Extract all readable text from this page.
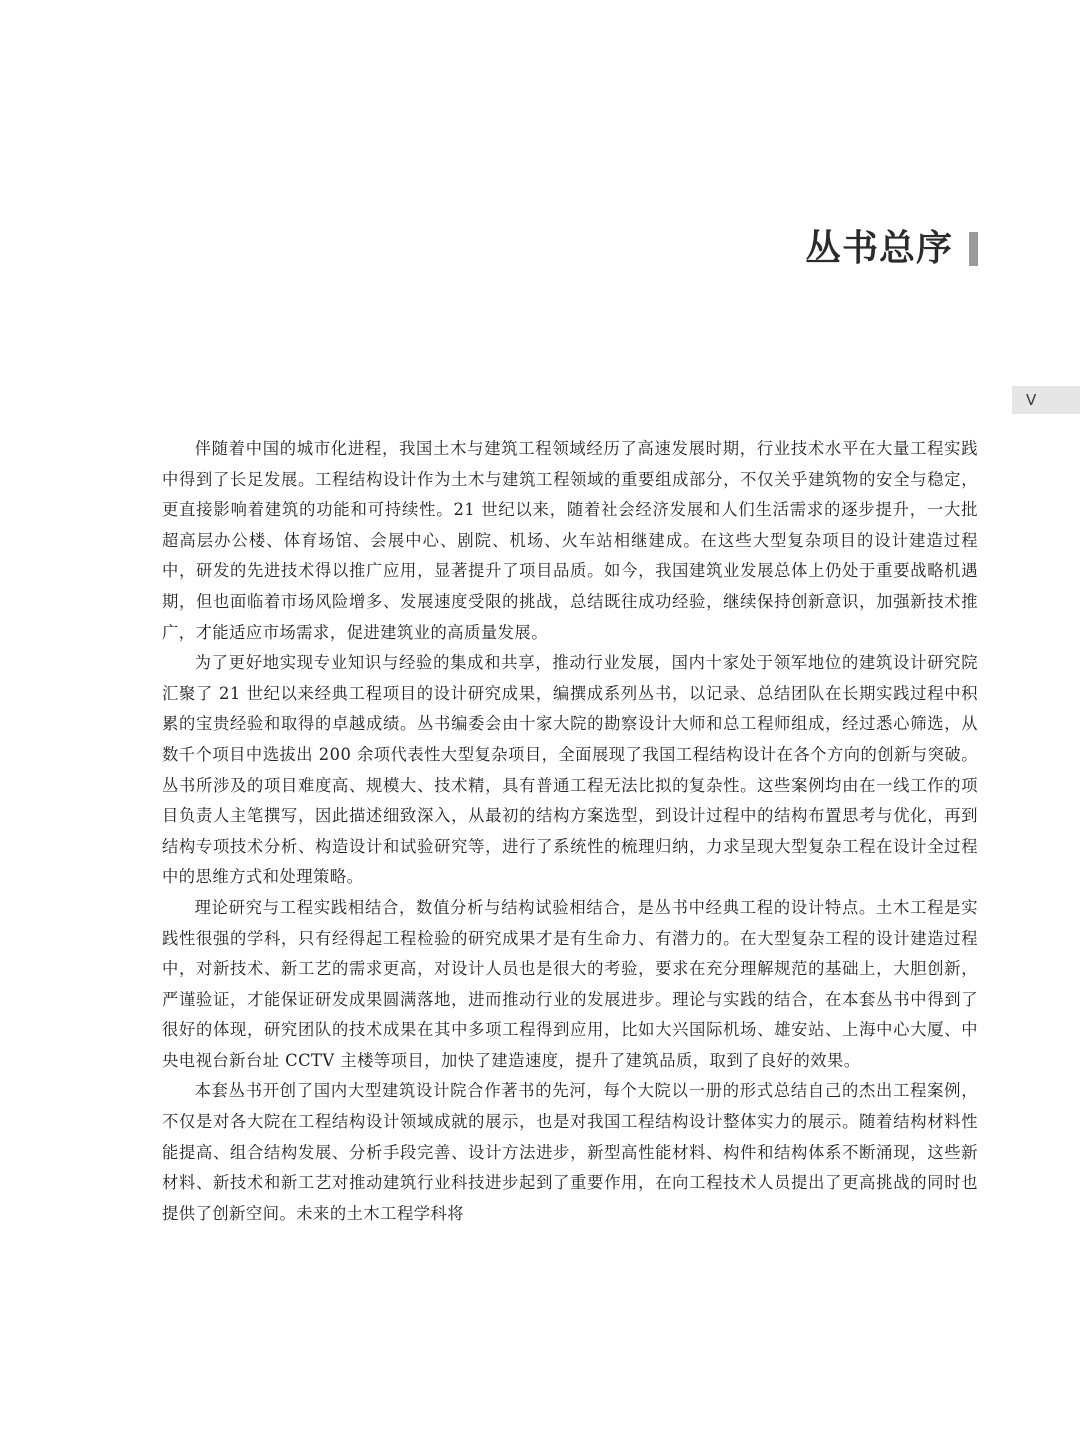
丛书总序
V

伴随着中国的城市化进程，我国土木与建筑工程领域经历了高速发展时期，行业技术水平在大量工程实践中得到了长足发展。工程结构设计作为土木与建筑工程领域的重要组成部分，不仅关乎建筑物的安全与稳定，更直接影响着建筑的功能和可持续性。21 世纪以来，随着社会经济发展和人们生活需求的逐步提升，一大批超高层办公楼、体育场馆、会展中心、剧院、机场、火车站相继建成。在这些大型复杂项目的设计建造过程中，研发的先进技术得以推广应用，显著提升了项目品质。如今，我国建筑业发展总体上仍处于重要战略机遇期，但也面临着市场风险增多、发展速度受限的挑战，总结既往成功经验，继续保持创新意识，加强新技术推广，才能适应市场需求，促进建筑业的高质量发展。

为了更好地实现专业知识与经验的集成和共享，推动行业发展，国内十家处于领军地位的建筑设计研究院汇聚了 21 世纪以来经典工程项目的设计研究成果，编撰成系列丛书，以记录、总结团队在长期实践过程中积累的宝贵经验和取得的卓越成绩。丛书编委会由十家大院的勘察设计大师和总工程师组成，经过悉心筛选，从数千个项目中选拔出 200 余项代表性大型复杂项目，全面展现了我国工程结构设计在各个方向的创新与突破。丛书所涉及的项目难度高、规模大、技术精，具有普通工程无法比拟的复杂性。这些案例均由在一线工作的项目负责人主笔撰写，因此描述细致深入，从最初的结构方案选型，到设计过程中的结构布置思考与优化，再到结构专项技术分析、构造设计和试验研究等，进行了系统性的梳理归纳，力求呈现大型复杂工程在设计全过程中的思维方式和处理策略。

理论研究与工程实践相结合，数值分析与结构试验相结合，是丛书中经典工程的设计特点。土木工程是实践性很强的学科，只有经得起工程检验的研究成果才是有生命力、有潜力的。在大型复杂工程的设计建造过程中，对新技术、新工艺的需求更高，对设计人员也是很大的考验，要求在充分理解规范的基础上，大胆创新，严谨验证，才能保证研发成果圆满落地，进而推动行业的发展进步。理论与实践的结合，在本套丛书中得到了很好的体现，研究团队的技术成果在其中多项工程得到应用，比如大兴国际机场、雄安站、上海中心大厦、中央电视台新台址 CCTV 主楼等项目，加快了建造速度，提升了建筑品质，取到了良好的效果。

本套丛书开创了国内大型建筑设计院合作著书的先河，每个大院以一册的形式总结自己的杰出工程案例，不仅是对各大院在工程结构设计领域成就的展示，也是对我国工程结构设计整体实力的展示。随着结构材料性能提高、组合结构发展、分析手段完善、设计方法进步，新型高性能材料、构件和结构体系不断涌现，这些新材料、新技术和新工艺对推动建筑行业科技进步起到了重要作用，在向工程技术人员提出了更高挑战的同时也提供了创新空间。未来的土木工程学科将
